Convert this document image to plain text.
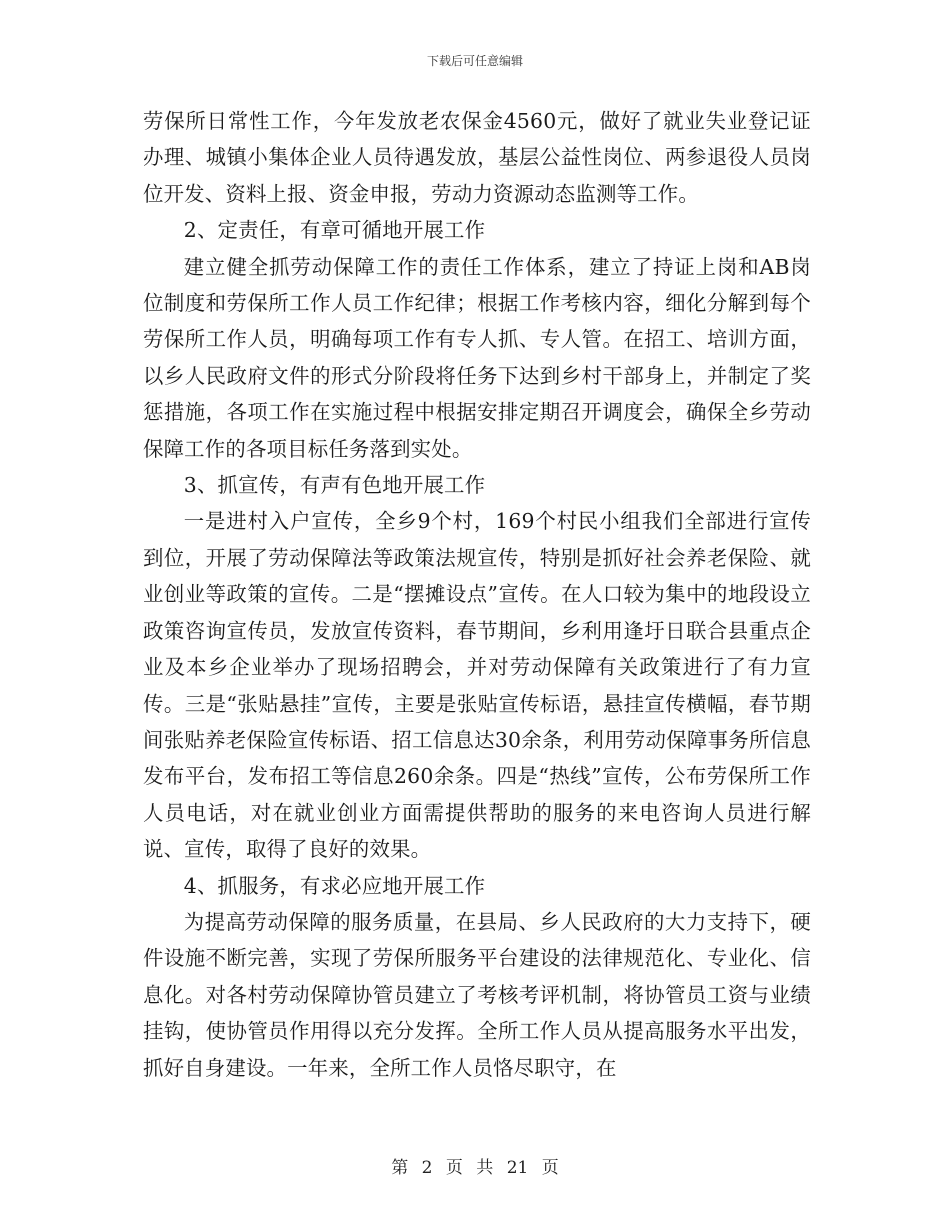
下载后可任意编辑

劳保所日常性工作，今年发放老农保金4560元，做好了就业失业登记证办理、城镇小集体企业人员待遇发放，基层公益性岗位、两参退役人员岗位开发、资料上报、资金申报，劳动力资源动态监测等工作。

2、定责任，有章可循地开展工作

建立健全抓劳动保障工作的责任工作体系，建立了持证上岗和AB岗位制度和劳保所工作人员工作纪律；根据工作考核内容，细化分解到每个劳保所工作人员，明确每项工作有专人抓、专人管。在招工、培训方面，以乡人民政府文件的形式分阶段将任务下达到乡村干部身上，并制定了奖惩措施，各项工作在实施过程中根据安排定期召开调度会，确保全乡劳动保障工作的各项目标任务落到实处。

3、抓宣传，有声有色地开展工作

一是进村入户宣传，全乡9个村，169个村民小组我们全部进行宣传到位，开展了劳动保障法等政策法规宣传，特别是抓好社会养老保险、就业创业等政策的宣传。二是“摆摊设点”宣传。在人口较为集中的地段设立政策咨询宣传员，发放宣传资料，春节期间，乡利用逢圩日联合县重点企业及本乡企业举办了现场招聘会，并对劳动保障有关政策进行了有力宣传。三是“张贴悬挂”宣传，主要是张贴宣传标语，悬挂宣传横幅，春节期间张贴养老保险宣传标语、招工信息达30余条，利用劳动保障事务所信息发布平台，发布招工等信息260余条。四是“热线”宣传，公布劳保所工作人员电话，对在就业创业方面需提供帮助的服务的来电咨询人员进行解说、宣传，取得了良好的效果。

4、抓服务，有求必应地开展工作

为提高劳动保障的服务质量，在县局、乡人民政府的大力支持下，硬件设施不断完善，实现了劳保所服务平台建设的法律规范化、专业化、信息化。对各村劳动保障协管员建立了考核考评机制，将协管员工资与业绩挂钩，使协管员作用得以充分发挥。全所工作人员从提高服务水平出发，抓好自身建设。一年来，全所工作人员恪尽职守，在

第 2 页 共 21 页
